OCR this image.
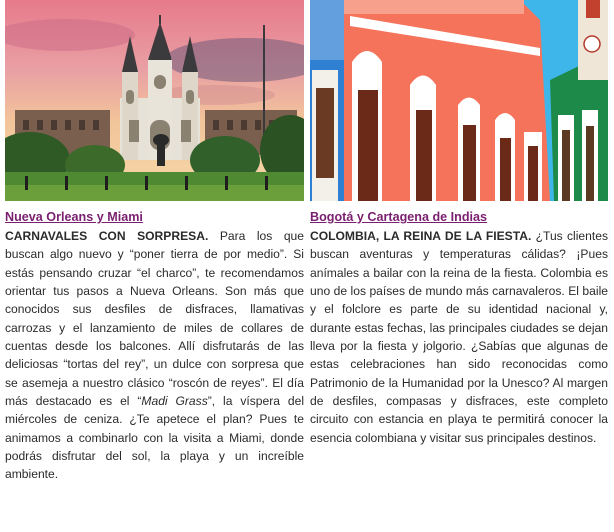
Nueva Orleans y Miami
CARNAVALES CON SORPRESA. Para los que buscan algo nuevo y “poner tierra de por medio”. Si estás pensando cruzar “el charco”, te recomendamos orientar tus pasos a Nueva Orleans. Son más que conocidos sus desfiles de disfraces, llamativas carrozas y el lanzamiento de miles de collares de cuentas desde los balcones. Allí disfrutarás de las deliciosas “tortas del rey”, un dulce con sorpresa que se asemeja a nuestro clásico “roscón de reyes”. El día más destacado es el “Madi Grass”, la víspera del miércoles de ceniza. ¿Te apetece el plan? Pues te animamos a combinarlo con la visita a Miami, donde podrás disfrutar del sol, la playa y un increíble ambiente.
Bogotá y Cartagena de Indias
COLOMBIA, LA REINA DE LA FIESTA. ¿Tus clientes buscan aventuras y temperaturas cálidas? ¡Pues anímales a bailar con la reina de la fiesta. Colombia es uno de los países de mundo más carnavaleros. El baile y el folclore es parte de su identidad nacional y, durante estas fechas, las principales ciudades se dejan lleva por la fiesta y jolgorio. ¿Sabías que algunas de estas celebraciones han sido reconocidas como Patrimonio de la Humanidad por la Unesco? Al margen de desfiles, compasas y disfraces, este completo circuito con estancia en playa te permitirá conocer la esencia colombiana y visitar sus principales destinos.
